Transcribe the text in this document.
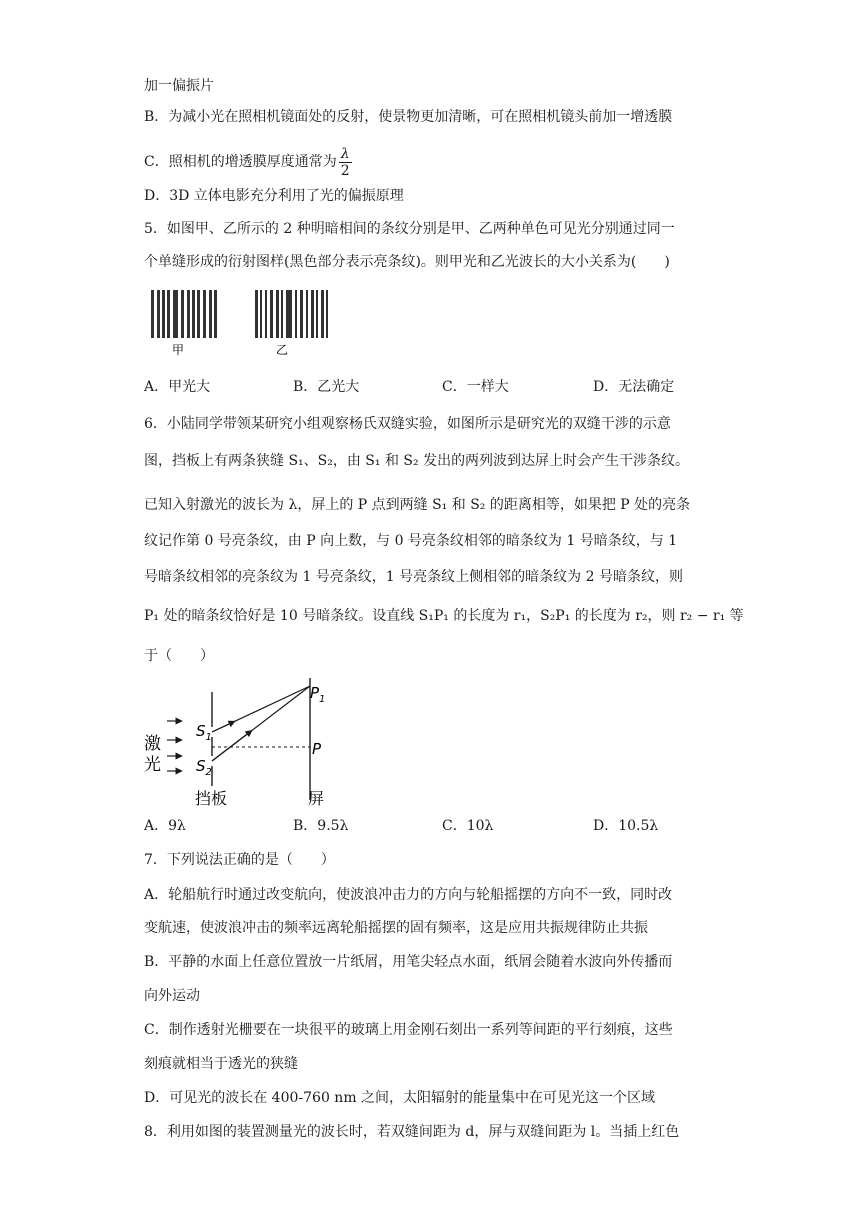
加一偏振片
B．为减小光在照相机镜面处的反射，使景物更加清晰，可在照相机镜头前加一增透膜
C．照相机的增透膜厚度通常为 $\frac{\lambda}{2}$
D．3D 立体电影充分利用了光的偏振原理
5．如图甲、乙所示的 2 种明暗相间的条纹分别是甲、乙两种单色可见光分别通过同一
个单缝形成的衍射图样(黑色部分表示亮条纹)。则甲光和乙光波长的大小关系为(　　)
甲	乙
A．甲光大	B．乙光大	C．一样大	D．无法确定
6．小陆同学带领某研究小组观察杨氏双缝实验，如图所示是研究光的双缝干涉的示意
图，挡板上有两条狭缝 S₁、S₂，由 S₁ 和 S₂ 发出的两列波到达屏上时会产生干涉条纹。
已知入射激光的波长为 λ，屏上的 P 点到两缝 S₁ 和 S₂ 的距离相等，如果把 P 处的亮条
纹记作第 0 号亮条纹，由 P 向上数，与 0 号亮条纹相邻的暗条纹为 1 号暗条纹，与 1
号暗条纹相邻的亮条纹为 1 号亮条纹，1 号亮条纹上侧相邻的暗条纹为 2 号暗条纹，则
P₁ 处的暗条纹恰好是 10 号暗条纹。设直线 S₁P₁ 的长度为 r₁，S₂P₁ 的长度为 r₂，则 r₂ − r₁ 等
于（　　）
激
光
$S_1$
$S_2$
$P_1$
P
挡板	屏
A．9λ	B．9.5λ	C．10λ	D．10.5λ
7．下列说法正确的是（　　）
A．轮船航行时通过改变航向，使波浪冲击力的方向与轮船摇摆的方向不一致，同时改
变航速，使波浪冲击的频率远离轮船摇摆的固有频率，这是应用共振规律防止共振
B．平静的水面上任意位置放一片纸屑，用笔尖轻点水面，纸屑会随着水波向外传播而
向外运动
C．制作透射光栅要在一块很平的玻璃上用金刚石刻出一系列等间距的平行刻痕，这些
刻痕就相当于透光的狭缝
D．可见光的波长在 400-760 nm 之间，太阳辐射的能量集中在可见光这一个区域
8．利用如图的装置测量光的波长时，若双缝间距为 d，屏与双缝间距为 l。当插上红色
